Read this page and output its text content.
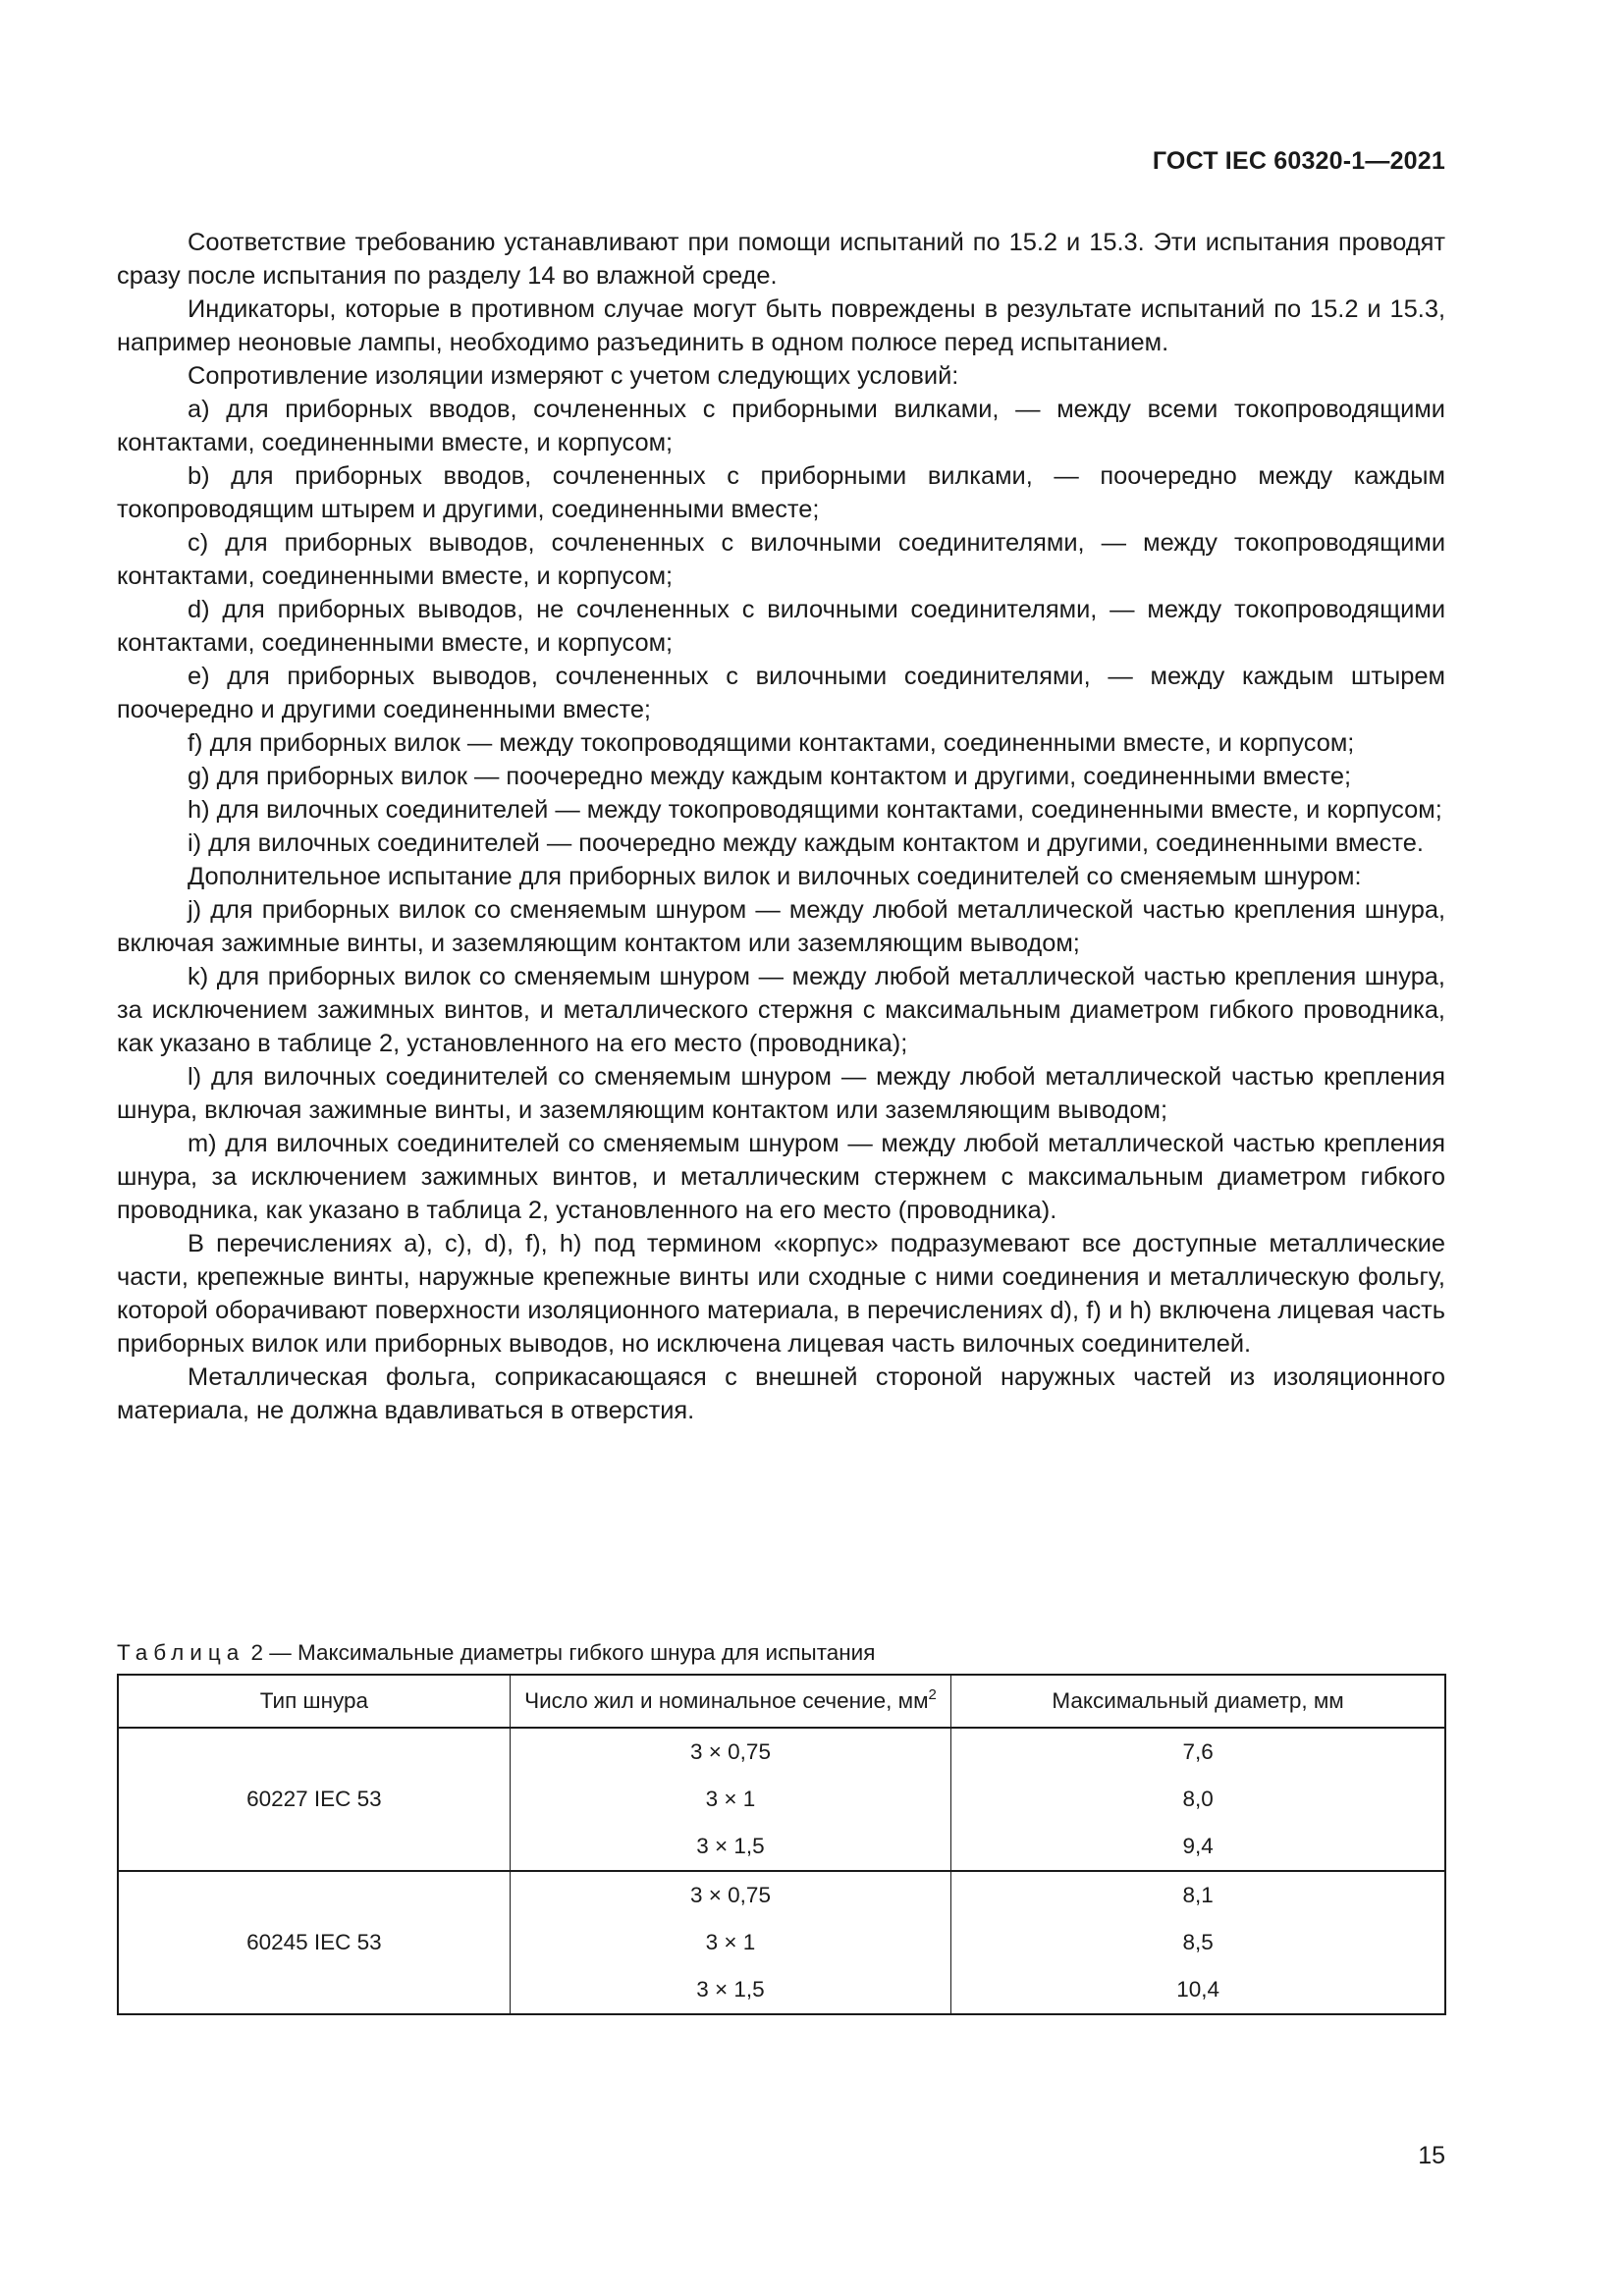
ГОСТ IEC 60320-1—2021

Соответствие требованию устанавливают при помощи испытаний по 15.2 и 15.3. Эти испытания проводят сразу после испытания по разделу 14 во влажной среде.

Индикаторы, которые в противном случае могут быть повреждены в результате испытаний по 15.2 и 15.3, например неоновые лампы, необходимо разъединить в одном полюсе перед испытанием.

Сопротивление изоляции измеряют с учетом следующих условий:

a) для приборных вводов, сочлененных с приборными вилками, — между всеми токопроводящими контактами, соединенными вместе, и корпусом;

b) для приборных вводов, сочлененных с приборными вилками, — поочередно между каждым токопроводящим штырем и другими, соединенными вместе;

c) для приборных выводов, сочлененных с вилочными соединителями, — между токопроводящими контактами, соединенными вместе, и корпусом;

d) для приборных выводов, не сочлененных с вилочными соединителями, — между токопроводящими контактами, соединенными вместе, и корпусом;

e) для приборных выводов, сочлененных с вилочными соединителями, — между каждым штырем поочередно и другими соединенными вместе;

f) для приборных вилок — между токопроводящими контактами, соединенными вместе, и корпусом;

g) для приборных вилок — поочередно между каждым контактом и другими, соединенными вместе;

h) для вилочных соединителей — между токопроводящими контактами, соединенными вместе, и корпусом;

i) для вилочных соединителей — поочередно между каждым контактом и другими, соединенными вместе.

Дополнительное испытание для приборных вилок и вилочных соединителей со сменяемым шнуром:

j) для приборных вилок со сменяемым шнуром — между любой металлической частью крепления шнура, включая зажимные винты, и заземляющим контактом или заземляющим выводом;

k) для приборных вилок со сменяемым шнуром — между любой металлической частью крепления шнура, за исключением зажимных винтов, и металлического стержня с максимальным диаметром гибкого проводника, как указано в таблице 2, установленного на его место (проводника);

l) для вилочных соединителей со сменяемым шнуром — между любой металлической частью крепления шнура, включая зажимные винты, и заземляющим контактом или заземляющим выводом;

m) для вилочных соединителей со сменяемым шнуром — между любой металлической частью крепления шнура, за исключением зажимных винтов, и металлическим стержнем с максимальным диаметром гибкого проводника, как указано в таблица 2, установленного на его место (проводника).

В перечислениях a), c), d), f), h) под термином «корпус» подразумевают все доступные металлические части, крепежные винты, наружные крепежные винты или сходные с ними соединения и металлическую фольгу, которой оборачивают поверхности изоляционного материала, в перечислениях d), f) и h) включена лицевая часть приборных вилок или приборных выводов, но исключена лицевая часть вилочных соединителей.

Металлическая фольга, соприкасающаяся с внешней стороной наружных частей из изоляционного материала, не должна вдавливаться в отверстия.

Таблица 2 — Максимальные диаметры гибкого шнура для испытания
Тип шнура	Число жил и номинальное сечение, $мм^2$	Максимальный диаметр, мм
60227 IEC 53	3 × 0,75	7,6
	3 × 1	8,0
	3 × 1,5	9,4
60245 IEC 53	3 × 0,75	8,1
	3 × 1	8,5
	3 × 1,5	10,4
15
